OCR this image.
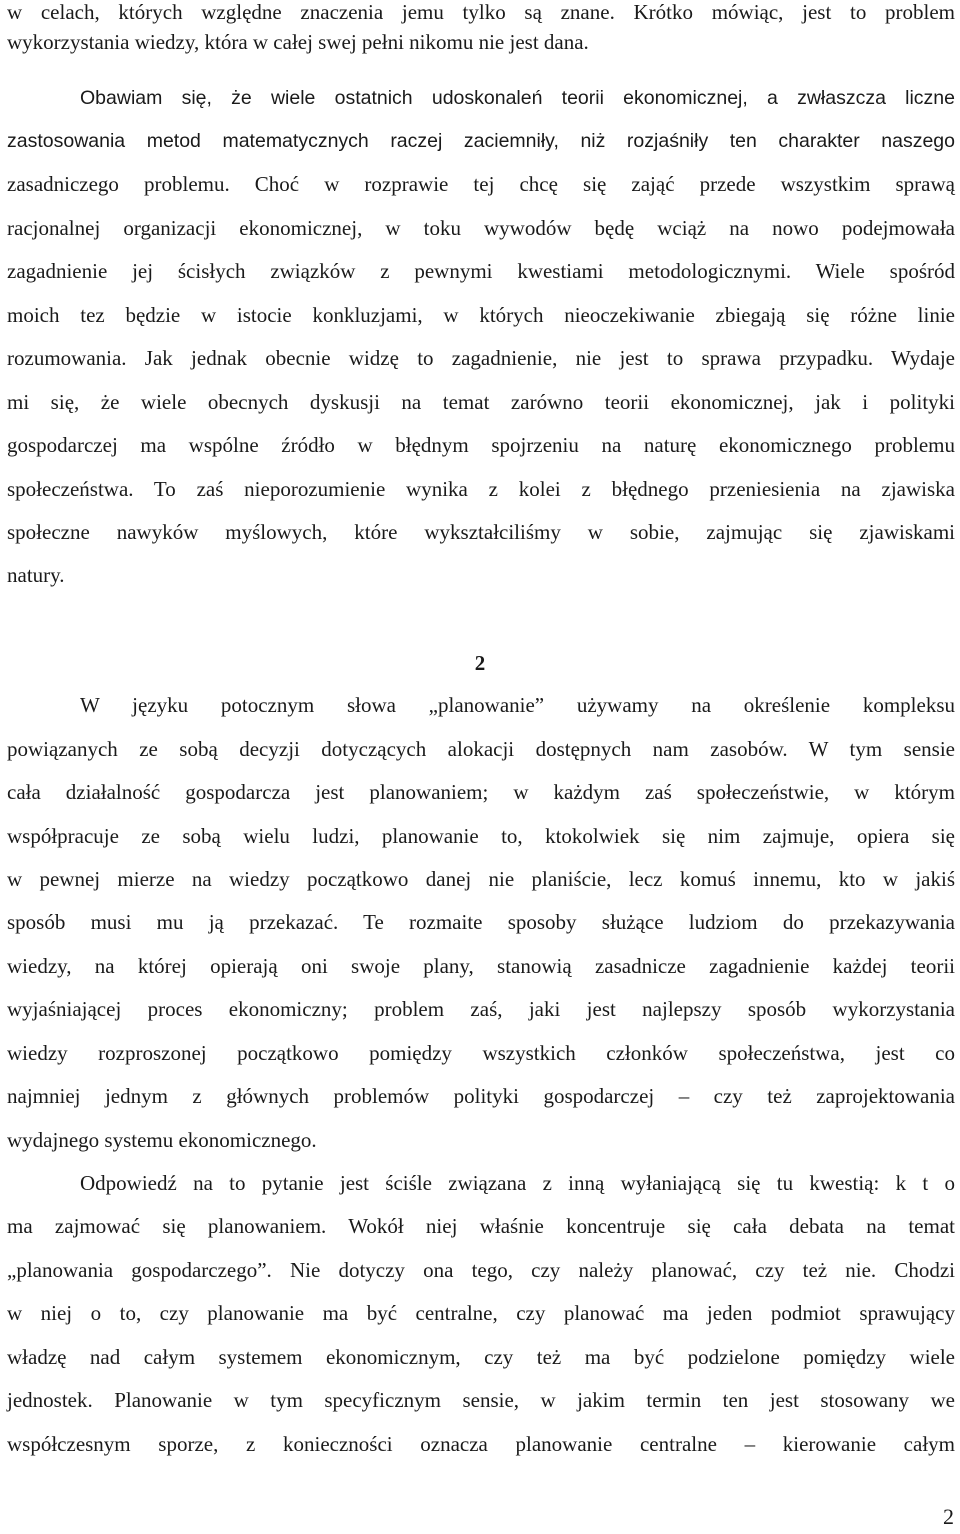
w celach, których względne znaczenia jemu tylko są znane. Krótko mówiąc, jest to problem
wykorzystania wiedzy, która w całej swej pełni nikomu nie jest dana.
Obawiam się, że wiele ostatnich udoskonaleń teorii ekonomicznej, a zwłaszcza liczne
zastosowania metod matematycznych raczej zaciemniły, niż rozjaśniły ten charakter naszego
zasadniczego problemu. Choć w rozprawie tej chcę się zająć przede wszystkim sprawą
racjonalnej organizacji ekonomicznej, w toku wywodów będę wciąż na nowo podejmowała
zagadnienie jej ścisłych związków z pewnymi kwestiami metodologicznymi. Wiele spośród
moich tez będzie w istocie konkluzjami, w których nieoczekiwanie zbiegają się różne linie
rozumowania. Jak jednak obecnie widzę to zagadnienie, nie jest to sprawa przypadku. Wydaje
mi się, że wiele obecnych dyskusji na temat zarówno teorii ekonomicznej, jak i polityki
gospodarczej ma wspólne źródło w błędnym spojrzeniu na naturę ekonomicznego problemu
społeczeństwa. To zaś nieporozumienie wynika z kolei z błędnego przeniesienia na zjawiska
społeczne nawyków myślowych, które wykształciliśmy w sobie, zajmując się zjawiskami
natury.
2
W języku potocznym słowa „planowanie” używamy na określenie kompleksu
powiązanych ze sobą decyzji dotyczących alokacji dostępnych nam zasobów. W tym sensie
cała działalność gospodarcza jest planowaniem; w każdym zaś społeczeństwie, w którym
współpracuje ze sobą wielu ludzi, planowanie to, ktokolwiek się nim zajmuje, opiera się
w pewnej mierze na wiedzy początkowo danej nie planiście, lecz komuś innemu, kto w jakiś
sposób musi mu ją przekazać. Te rozmaite sposoby służące ludziom do przekazywania
wiedzy, na której opierają oni swoje plany, stanowią zasadnicze zagadnienie każdej teorii
wyjaśniającej proces ekonomiczny; problem zaś, jaki jest najlepszy sposób wykorzystania
wiedzy rozproszonej początkowo pomiędzy wszystkich członków społeczeństwa, jest co
najmniej jednym z głównych problemów polityki gospodarczej – czy też zaprojektowania
wydajnego systemu ekonomicznego.
Odpowiedź na to pytanie jest ściśle związana z inną wyłaniającą się tu kwestią: k t o
ma zajmować się planowaniem. Wokół niej właśnie koncentruje się cała debata na temat
„planowania gospodarczego”. Nie dotyczy ona tego, czy należy planować, czy też nie. Chodzi
w niej o to, czy planowanie ma być centralne, czy planować ma jeden podmiot sprawujący
władzę nad całym systemem ekonomicznym, czy też ma być podzielone pomiędzy wiele
jednostek. Planowanie w tym specyficznym sensie, w jakim termin ten jest stosowany we
współczesnym sporze, z konieczności oznacza planowanie centralne – kierowanie całym
2
